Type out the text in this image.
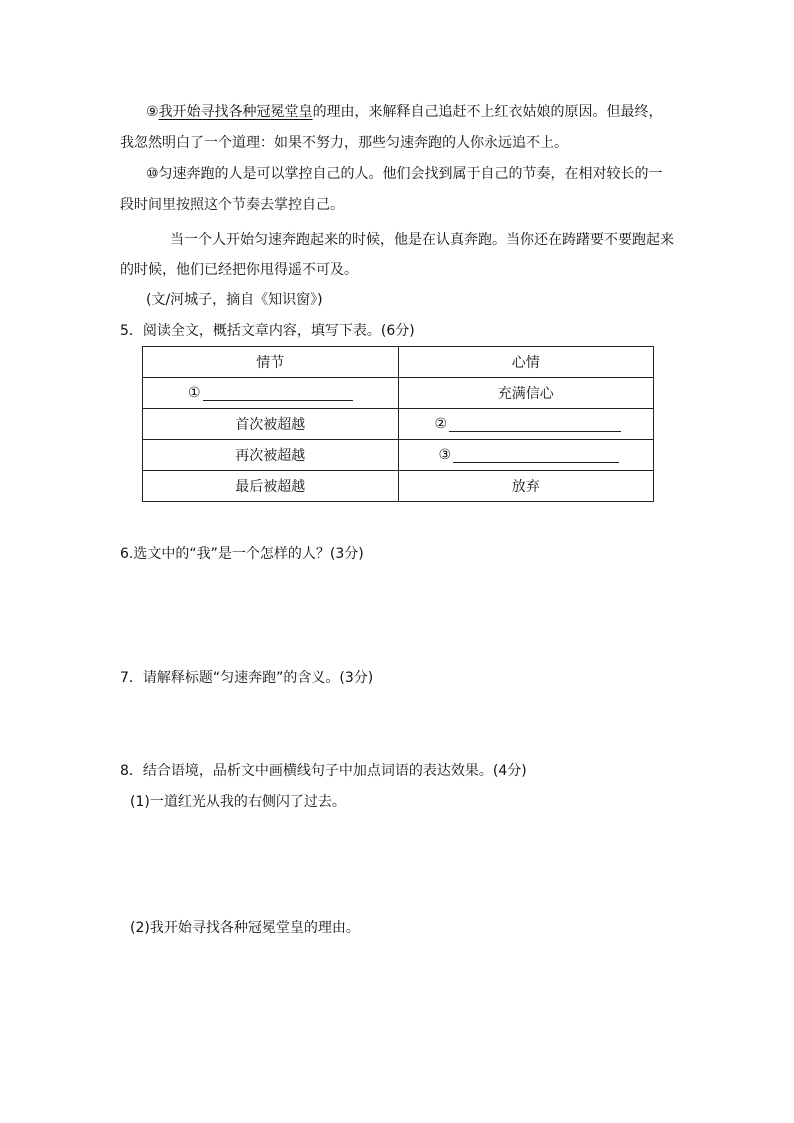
⑨我开始寻找各种冠冕堂皇的理由，来解释自己追赶不上红衣姑娘的原因。但最终，
我忽然明白了一个道理：如果不努力，那些匀速奔跑的人你永远追不上。
⑩匀速奔跑的人是可以掌控自己的人。他们会找到属于自己的节奏，在相对较长的一
段时间里按照这个节奏去掌控自己。
当一个人开始匀速奔跑起来的时候，他是在认真奔跑。当你还在踌躇要不要跑起来
的时候，他们已经把你甩得遥不可及。
(文/河城子，摘自《知识窗》)
5．阅读全文，概括文章内容，填写下表。(6分)
情节	心情
①	充满信心
首次被超越	②
再次被超越	③
最后被超越	放弃
6.选文中的“我”是一个怎样的人？(3分)
7．请解释标题“匀速奔跑”的含义。(3分)
8．结合语境，品析文中画横线句子中加点词语的表达效果。(4分)
(1)一道红光从我的右侧闪了过去。
(2)我开始寻找各种冠冕堂皇的理由。
